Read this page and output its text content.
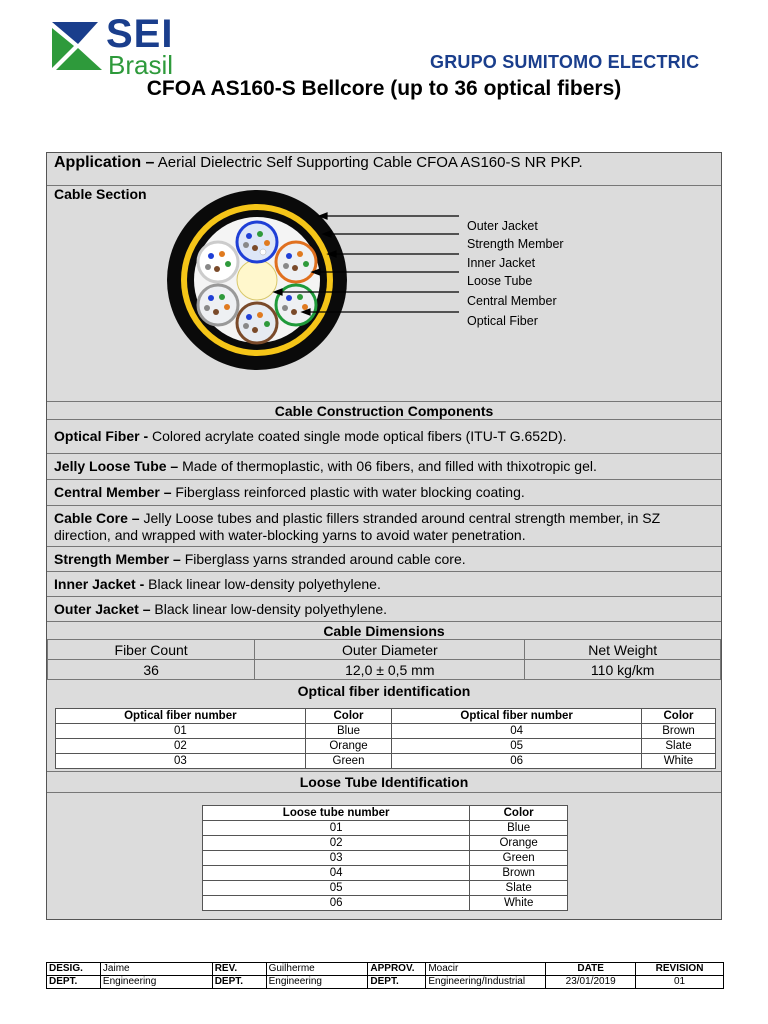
SEI
Brasil	GRUPO SUMITOMO ELECTRIC
CFOA AS160-S Bellcore (up to 36 optical fibers)
Application – Aerial Dielectric Self Supporting Cable CFOA AS160-S NR PKP.
Cable Section
Outer Jacket
Strength Member
Inner Jacket
Loose Tube
Central Member
Optical Fiber
Cable Construction Components
Optical Fiber - Colored acrylate coated single mode optical fibers (ITU-T G.652D).
Jelly Loose Tube – Made of thermoplastic, with 06 fibers, and filled with thixotropic gel.
Central Member – Fiberglass reinforced plastic with water blocking coating.
Cable Core – Jelly Loose tubes and plastic fillers stranded around central strength member, in SZ direction, and wrapped with water-blocking yarns to avoid water penetration.
Strength Member – Fiberglass yarns stranded around cable core.
Inner Jacket - Black linear low-density polyethylene.
Outer Jacket – Black linear low-density polyethylene.
Cable Dimensions
Fiber Count	Outer Diameter	Net Weight
36	12,0 ± 0,5 mm	110 kg/km
Optical fiber identification
Optical fiber number	Color	Optical fiber number	Color
01	Blue	04	Brown
02	Orange	05	Slate
03	Green	06	White
Loose Tube Identification
Loose tube number	Color
01	Blue
02	Orange
03	Green
04	Brown
05	Slate
06	White
DESIG.	Jaime	REV.	Guilherme	APPROV.	Moacir	DATE	REVISION
DEPT.	Engineering	DEPT.	Engineering	DEPT.	Engineering/Industrial	23/01/2019	01
